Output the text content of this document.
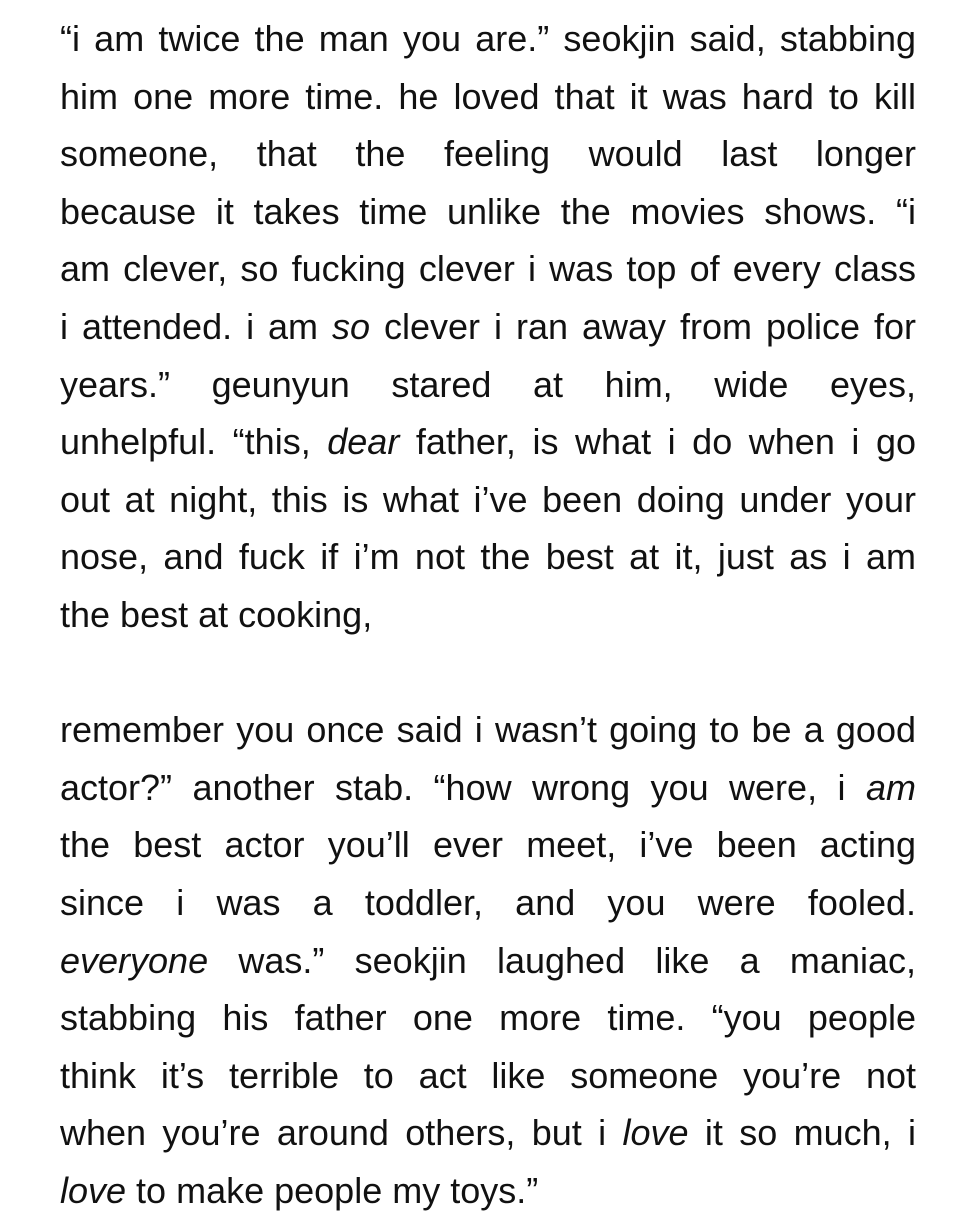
“i am twice the man you are.” seokjin said, stabbing
him one more time. he loved that it was hard to kill
someone, that the feeling would last longer
because it takes time unlike the movies shows. “i
am clever, so fucking clever i was top of every class
i attended. i am so clever i ran away from police for
years.” geunyun stared at him, wide eyes,
unhelpful. “this, dear father, is what i do when i go
out at night, this is what i’ve been doing under your
nose, and fuck if i’m not the best at it, just as i am
the best at cooking,
remember you once said i wasn’t going to be a good
actor?” another stab. “how wrong you were, i am
the best actor you’ll ever meet, i’ve been acting
since i was a toddler, and you were fooled.
everyone was.” seokjin laughed like a maniac,
stabbing his father one more time. “you people
think it’s terrible to act like someone you’re not
when you’re around others, but i love it so much, i
love to make people my toys.”
